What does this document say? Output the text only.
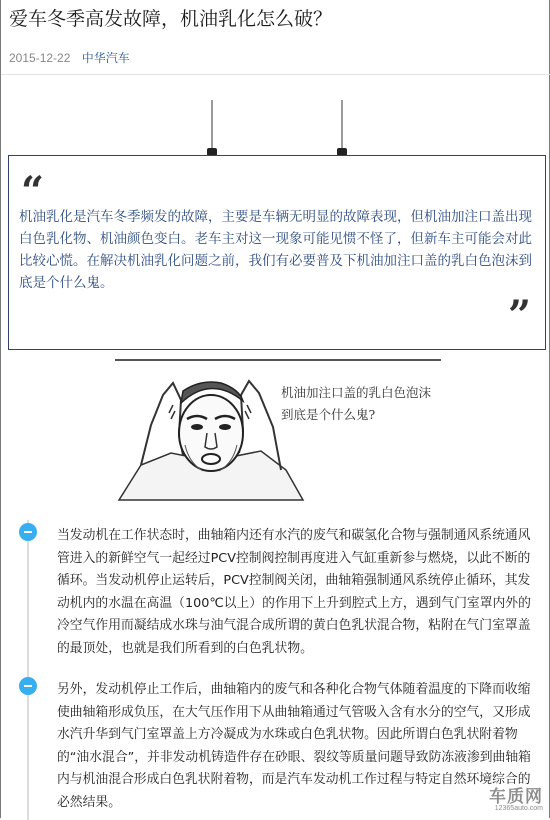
爱车冬季高发故障，机油乳化怎么破？
2015-12-22 中华汽车
“

机油乳化是汽车冬季频发的故障，主要是车辆无明显的故障表现，但机油加注口盖出现白色乳化物、机油颜色变白。老车主对这一现象可能见惯不怪了，但新车主可能会对此比较心慌。在解决机油乳化问题之前，我们有必要普及下机油加注口盖的乳白色泡沫到底是个什么鬼。

”
机油加注口盖的乳白色泡沫
到底是个什么鬼?

当发动机在工作状态时，曲轴箱内还有水汽的废气和碳氢化合物与强制通风系统通风管进入的新鲜空气一起经过PCV控制阀控制再度进入气缸重新参与燃烧，以此不断的循环。当发动机停止运转后，PCV控制阀关闭，曲轴箱强制通风系统停止循环，其发动机内的水温在高温（100℃以上）的作用下上升到腔式上方，遇到气门室罩内外的冷空气作用而凝结成水珠与油气混合成所谓的黄白色乳状混合物，粘附在气门室罩盖的最顶处，也就是我们所看到的白色乳状物。

另外，发动机停止工作后，曲轴箱内的废气和各种化合物气体随着温度的下降而收缩使曲轴箱形成负压，在大气压作用下从曲轴箱通过气管吸入含有水分的空气，又形成水汽升华到气门室罩盖上方冷凝成为水珠或白色乳状物。因此所谓白色乳状附着物的“油水混合”，并非发动机铸造件存在砂眼、裂纹等质量问题导致防冻液渗到曲轴箱内与机油混合形成白色乳状附着物，而是汽车发动机工作过程与特定自然环境综合的必然结果。	车质网
12365auto.com
